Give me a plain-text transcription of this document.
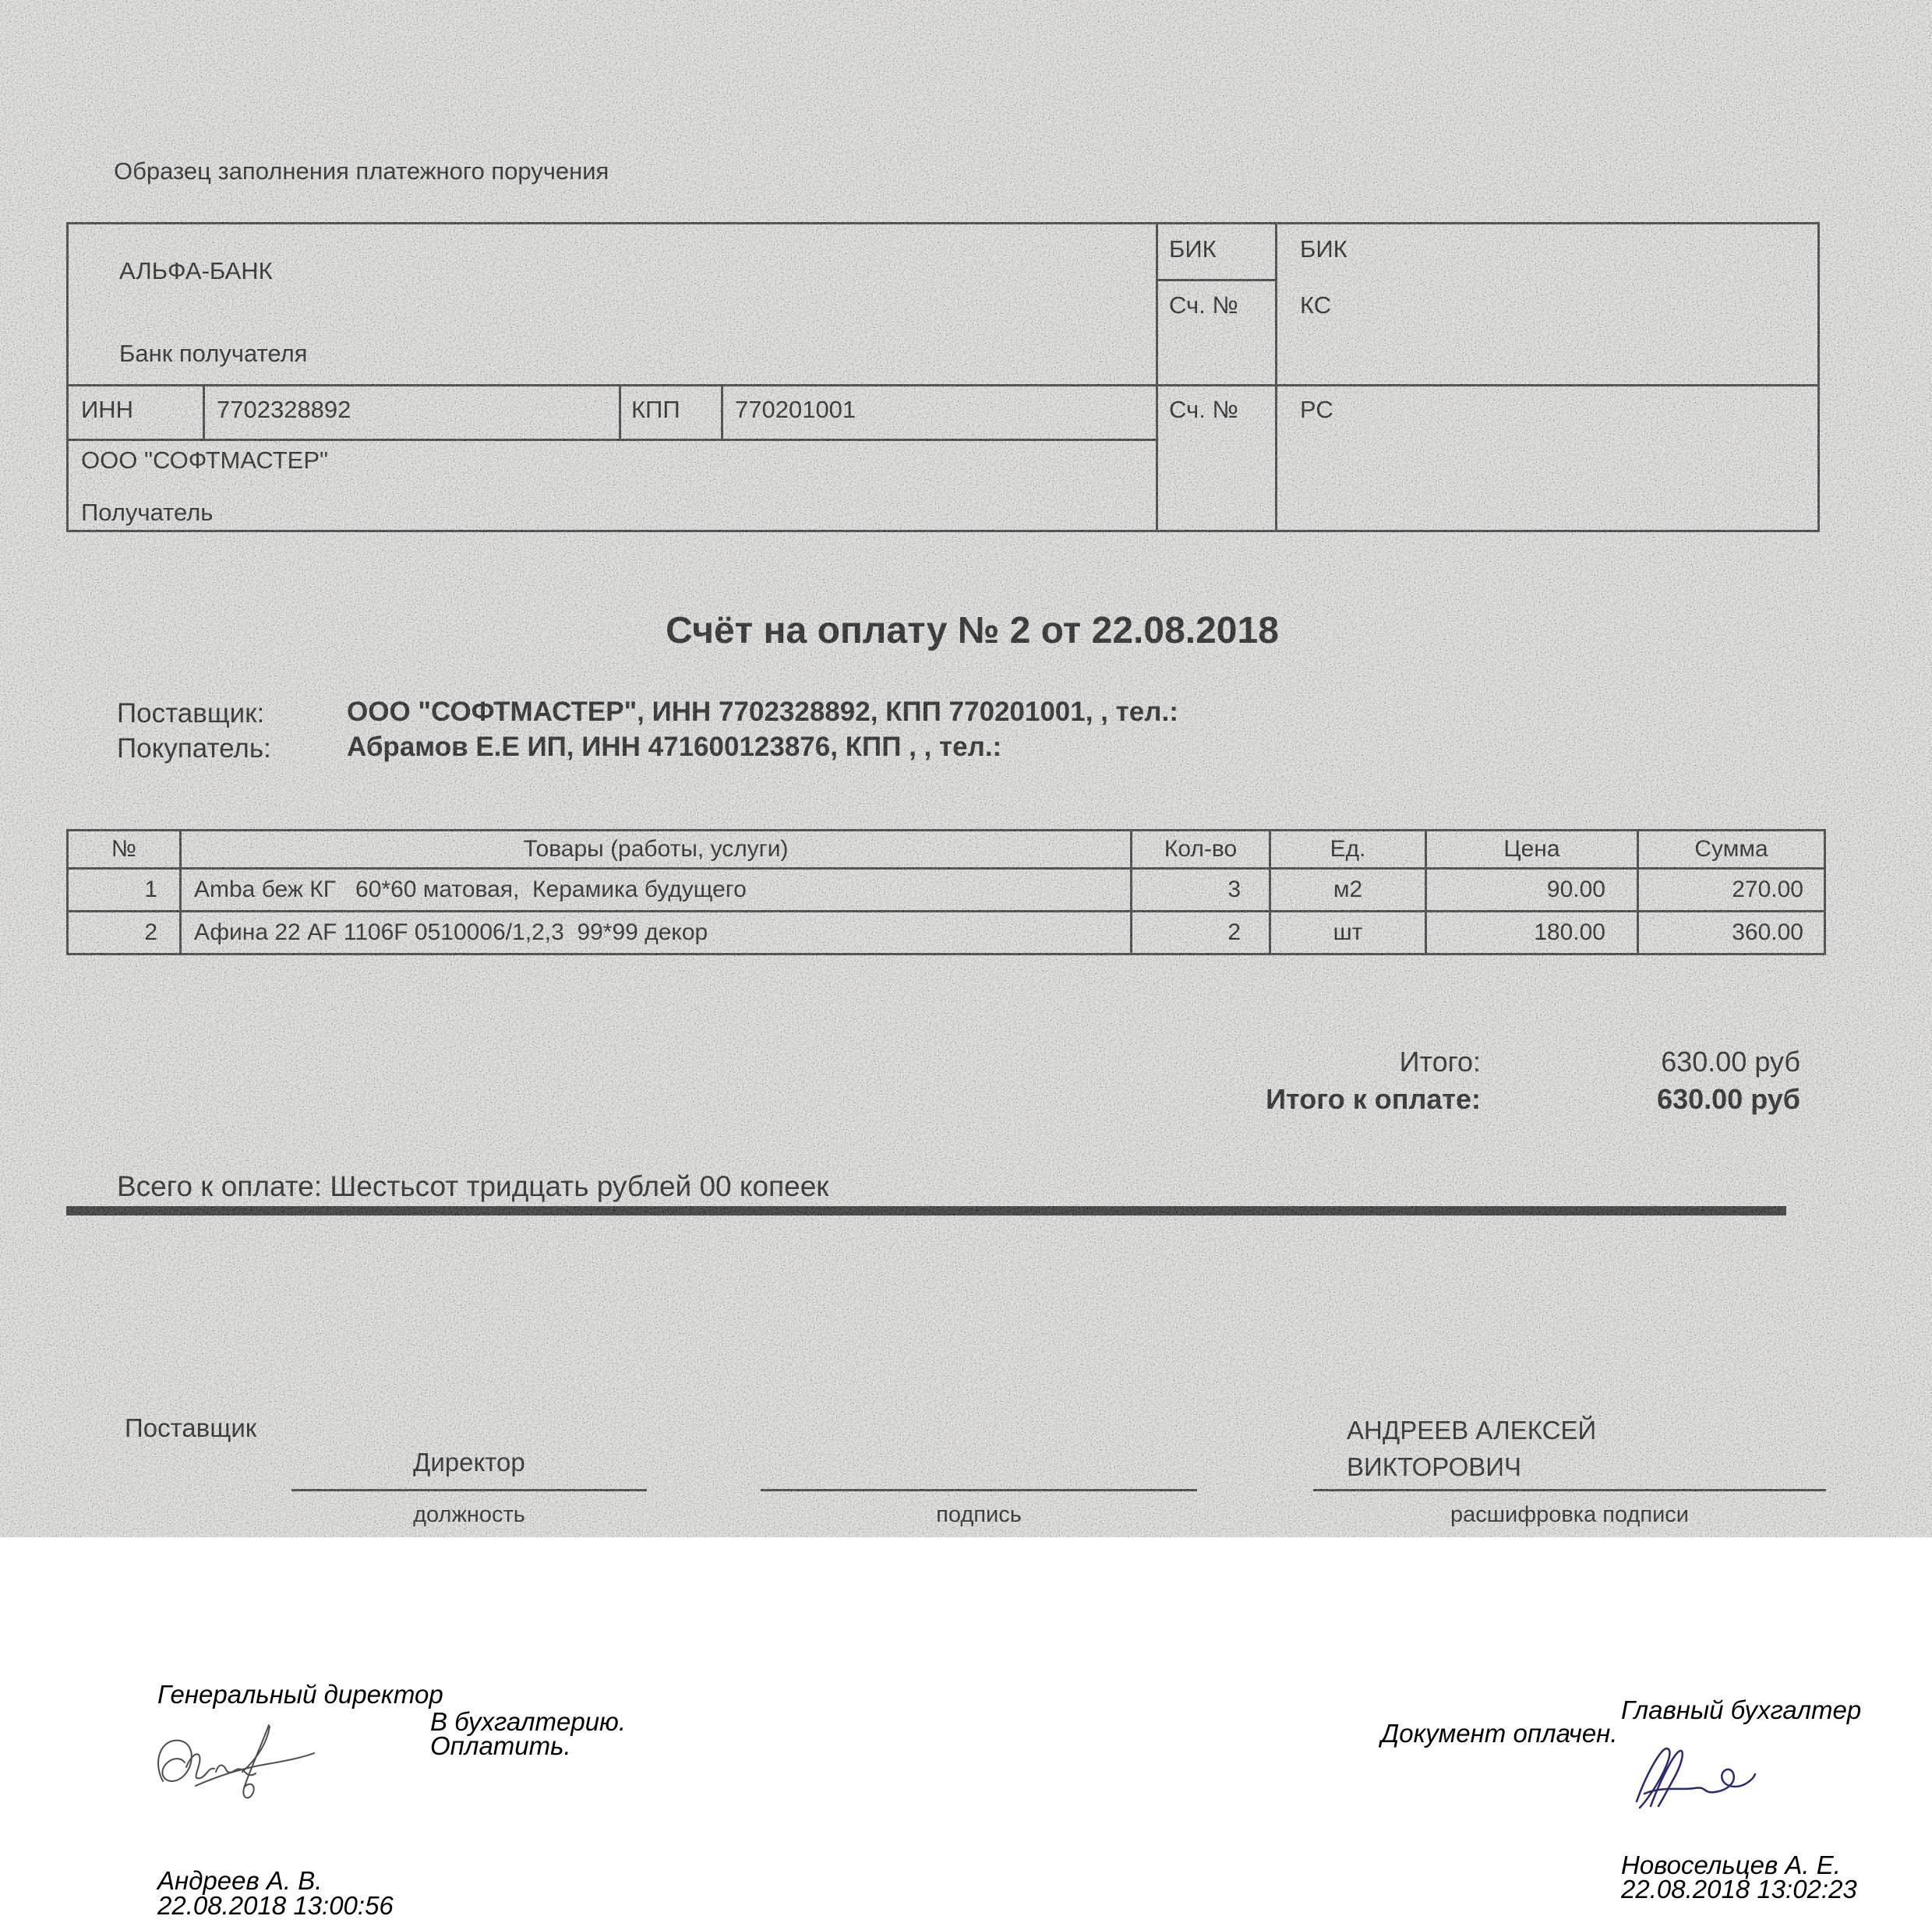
Образец заполнения платежного поручения
АЛЬФА-БАНК
Банк получателя
БИК	БИК
Сч. №	КС
ИНН	7702328892	КПП 770201001	Сч. №	РС
ООО "СОФТМАСТЕР"
Получатель
Счёт на оплату № 2 от 22.08.2018
Поставщик:	ООО "СОФТМАСТЕР", ИНН 7702328892, КПП 770201001, , тел.:
Покупатель:	Абрамов Е.Е ИП, ИНН 471600123876, КПП , , тел.:
№	Товары (работы, услуги)	Кол-во	Ед.	Цена	Сумма
1	Amba беж КГ   60*60 матовая,  Керамика будущего	3	м2	90.00	270.00
2	Афина 22 AF 1106F 0510006/1,2,3  99*99 декор	2	шт	180.00	360.00
Итого:	630.00 руб
Итого к оплате:	630.00 руб
Всего к оплате: Шестьсот тридцать рублей 00 копеек
Поставщик
Директор
АНДРЕЕВ АЛЕКСЕЙ ВИКТОРОВИЧ
должность	подпись	расшифровка подписи
Генеральный директор
В бухгалтерию.
Оплатить.
Андреев А. В.
22.08.2018 13:00:56
Главный бухгалтер
Документ оплачен.
Новосельцев А. Е.
22.08.2018 13:02:23
